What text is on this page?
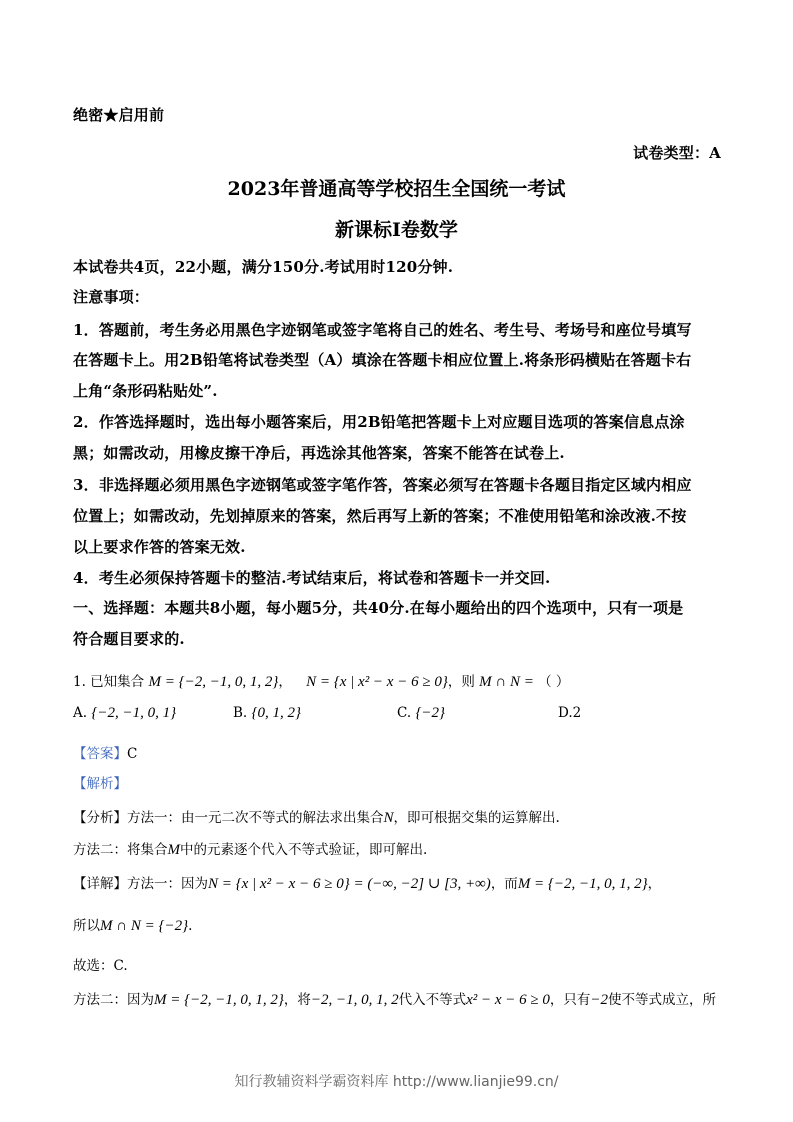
绝密★启用前
试卷类型：A
2023年普通高等学校招生全国统一考试
新课标Ⅰ卷数学
本试卷共4页，22小题，满分150分.考试用时120分钟.
注意事项：
1．答题前，考生务必用黑色字迹钢笔或签字笔将自己的姓名、考生号、考场号和座位号填写
在答题卡上。用2B铅笔将试卷类型（A）填涂在答题卡相应位置上.将条形码横贴在答题卡右
上角“条形码粘贴处”.
2．作答选择题时，选出每小题答案后，用2B铅笔把答题卡上对应题目选项的答案信息点涂
黑；如需改动，用橡皮擦干净后，再选涂其他答案，答案不能答在试卷上.
3．非选择题必须用黑色字迹钢笔或签字笔作答，答案必须写在答题卡各题目指定区域内相应
位置上；如需改动，先划掉原来的答案，然后再写上新的答案；不准使用铅笔和涂改液.不按
以上要求作答的答案无效.
4．考生必须保持答题卡的整洁.考试结束后，将试卷和答题卡一并交回.
一、选择题：本题共8小题，每小题5分，共40分.在每小题给出的四个选项中，只有一项是
符合题目要求的.
1. 已知集合 M = {−2, −1, 0, 1, 2}， N = {x | x² − x − 6 ≥ 0}，则 M ∩ N = （ ）
A. {−2, −1, 0, 1}	B. {0, 1, 2}	C. {−2}	D.2
【答案】C
【解析】
【分析】方法一：由一元二次不等式的解法求出集合N，即可根据交集的运算解出.
方法二：将集合M中的元素逐个代入不等式验证，即可解出.
【详解】方法一：因为N = {x | x² − x − 6 ≥ 0} = (−∞, −2] ∪ [3, +∞)，而M = {−2, −1, 0, 1, 2}，
所以M ∩ N = {−2}.
故选：C.
方法二：因为M = {−2, −1, 0, 1, 2}，将−2, −1, 0, 1, 2代入不等式x² − x − 6 ≥ 0，只有−2使不等式成立，所
知行教辅资料学霸资料库 http://www.lianjie99.cn/
